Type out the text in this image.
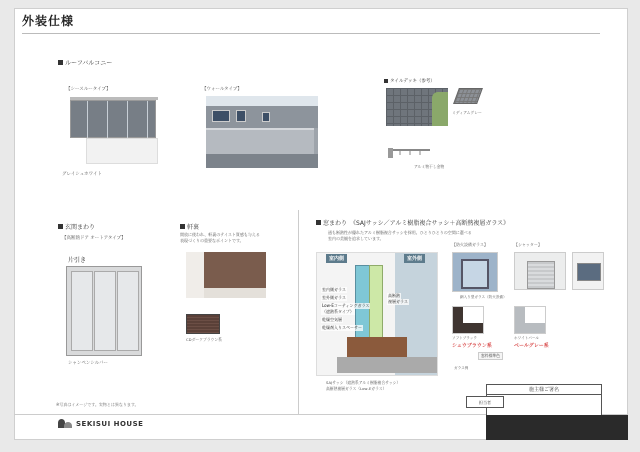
外装仕様
ルーフバルコニー
【シースルータイプ】
グレイシュホワイト
【ウォールタイプ】
タイルデッキ（参考）
ミディアムグレー
アルミ物干し金物
玄関まわり
【高断熱ドア オートアタイプ】
片引き
シャンペンシルバー
軒裏
開放に使われ、軒裏のテイスト質感も与える
表現づくりの重要なポイントです。
CDダークブラウン系
窓まわり　《SAJサッシ／アルミ樹脂複合サッシ＋高断熱複層ガラス》
通も断熱性が優れたアルミ樹脂複合サッシを採用。ひとりひとりの空間に選べる
室内の美観を追求しています。
室内側ガラス
室外側ガラス
Low-Eコーティングガラス
（遮熱系タイプ）
乾燥空気層
乾燥剤入りスペーサー
高断熱
複層ガラス
室内側	室外側
SAJサッシ（遮熱系アルミ樹脂複合サッシ）
高断熱複層ガラス（Low-Eガラス）
【防火設備ガラス】
網入り型ガラス（防火設備）
【シャッター】
ソフトブラック
シュウブラウン系
ホワイトパール
ペールグレー系
窓枠標準色
ガラス例
※写真はイメージです。実物とは異なります。
SEKISUI HOUSE
施主様ご署名
担当者
